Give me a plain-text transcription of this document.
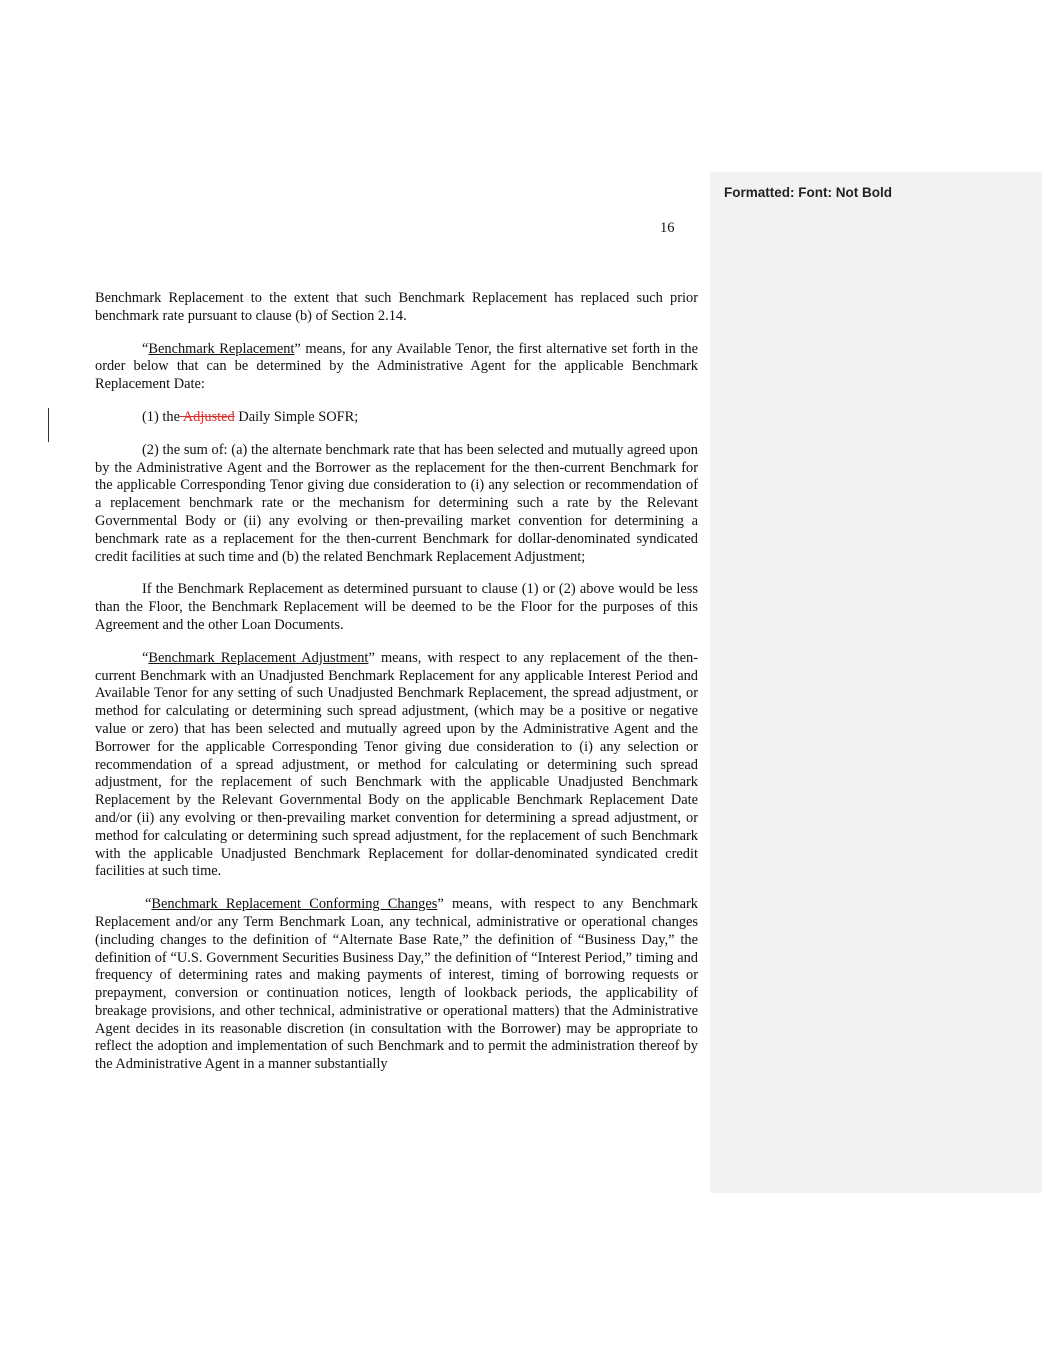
Formatted: Font: Not Bold
16

Benchmark Replacement to the extent that such Benchmark Replacement has replaced such prior benchmark rate pursuant to clause (b) of Section 2.14.

“Benchmark Replacement” means, for any Available Tenor, the first alternative set forth in the order below that can be determined by the Administrative Agent for the applicable Benchmark Replacement Date:

(1) the Adjusted Daily Simple SOFR;

(2) the sum of: (a) the alternate benchmark rate that has been selected and mutually agreed upon by the Administrative Agent and the Borrower as the replacement for the then-current Benchmark for the applicable Corresponding Tenor giving due consideration to (i) any selection or recommendation of a replacement benchmark rate or the mechanism for determining such a rate by the Relevant Governmental Body or (ii) any evolving or then-prevailing market convention for determining a benchmark rate as a replacement for the then-current Benchmark for dollar-denominated syndicated credit facilities at such time and (b) the related Benchmark Replacement Adjustment;

If the Benchmark Replacement as determined pursuant to clause (1) or (2) above would be less than the Floor, the Benchmark Replacement will be deemed to be the Floor for the purposes of this Agreement and the other Loan Documents.

“Benchmark Replacement Adjustment” means, with respect to any replacement of the then-current Benchmark with an Unadjusted Benchmark Replacement for any applicable Interest Period and Available Tenor for any setting of such Unadjusted Benchmark Replacement, the spread adjustment, or method for calculating or determining such spread adjustment, (which may be a positive or negative value or zero) that has been selected and mutually agreed upon by the Administrative Agent and the Borrower for the applicable Corresponding Tenor giving due consideration to (i) any selection or recommendation of a spread adjustment, or method for calculating or determining such spread adjustment, for the replacement of such Benchmark with the applicable Unadjusted Benchmark Replacement by the Relevant Governmental Body on the applicable Benchmark Replacement Date and/or (ii) any evolving or then-prevailing market convention for determining a spread adjustment, or method for calculating or determining such spread adjustment, for the replacement of such Benchmark with the applicable Unadjusted Benchmark Replacement for dollar-denominated syndicated credit facilities at such time.

“Benchmark Replacement Conforming Changes” means, with respect to any Benchmark Replacement and/or any Term Benchmark Loan, any technical, administrative or operational changes (including changes to the definition of “Alternate Base Rate,” the definition of “Business Day,” the definition of “U.S. Government Securities Business Day,” the definition of “Interest Period,” timing and frequency of determining rates and making payments of interest, timing of borrowing requests or prepayment, conversion or continuation notices, length of lookback periods, the applicability of breakage provisions, and other technical, administrative or operational matters) that the Administrative Agent decides in its reasonable discretion (in consultation with the Borrower) may be appropriate to reflect the adoption and implementation of such Benchmark and to permit the administration thereof by the Administrative Agent in a manner substantially
